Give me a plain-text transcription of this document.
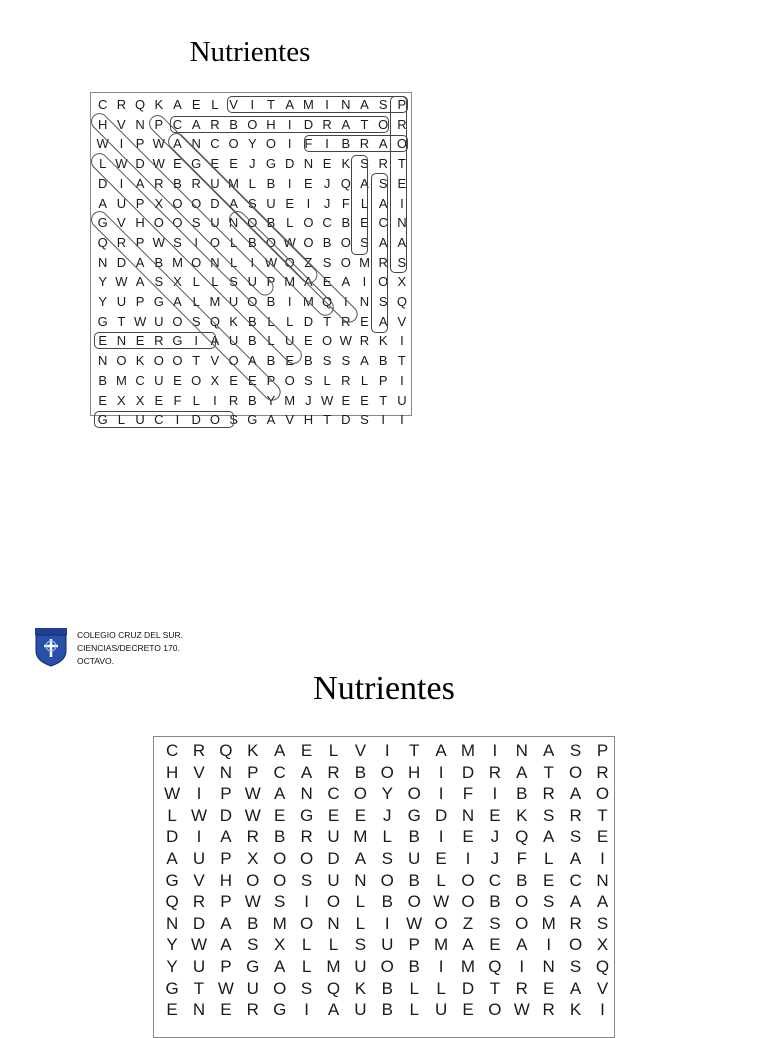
Nutrientes
C R Q K A E L V I T A M I N A S P
H V N P C A R B O H I D R A T O R
W I P W A N C O Y O I F I B R A O
L W D W E G E E J G D N E K S R T
D I A R B R U M L B I E J Q A S E
A U P X O O D A S U E I	J F L A I
G V H O O S U N O B L O C B E C N
Q R P W S I O L B O W O B O S A A
N D A B M O N L	I W O Z S O M R S
Y W A S X L L S U P M A E A I O X
Y U P G A L M U O B I M Q I N S Q
G T W U O S Q K B L L D T R E A V
E N E R G I A U B L U E O W R K I
N O K O O T V O A B E B S S A B T
B M C U E O X E E P O S L R L P I
E X X E F L	I R B Y M J W E E T U
G L U C I D O S G A V H T D S I	I
COLEGIO CRUZ DEL SUR.
CIENCIAS/DECRETO 170.
OCTAVO.
Nutrientes
C R Q K A E L V	I	T A M	I	N A S P
H V N P C A R B O H	I	D R A T O R
W I	P W A N C O Y O	I	F	I	B R A O
L W D W E G E E J G D N E K S R T
D	I	A R B R U M L B	I	E J Q A S E
A U P X O O D A S U E	I	J	F L A	I
G V H O O S U N O B L O C B E C N
Q R P W S	I	O L B O W O B O S A A
N D A B M O N L	I W O Z S O M R S
Y W A S X L	L S U P M A E A	I	O X
Y U P G A L M U O B	I	M Q	I	N S Q
G T W U O S Q K B L	L D T R E A V
E N E R G	I	A U B L U E O W R K	I
